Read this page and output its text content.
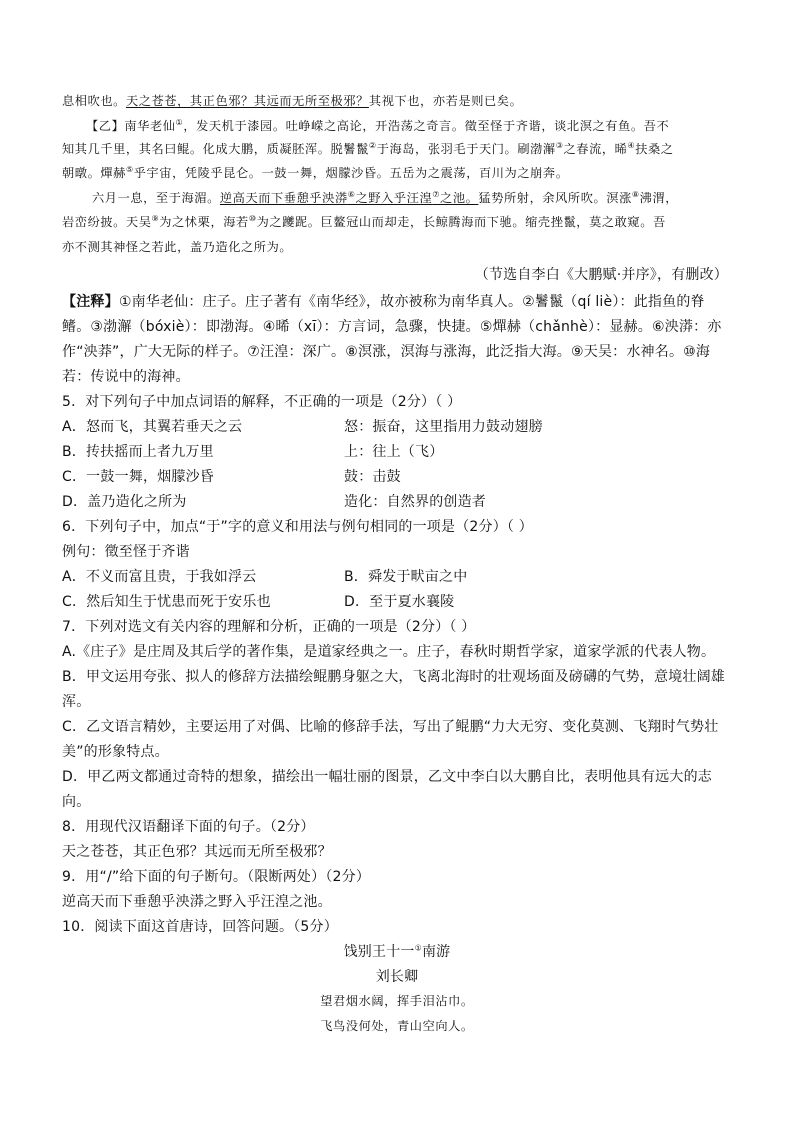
息相吹也。天之苍苍，其正色邪？其远而无所至极邪？其视下也，亦若是则已矣。
【乙】南华老仙①，发天机于漆园。吐峥嵘之高论，开浩荡之奇言。徵至怪于齐谐，谈北溟之有鱼。吾不
知其几千里，其名曰鲲。化成大鹏，质凝胚浑。脱鬐鬣②于海岛，张羽毛于天门。刷渤澥③之春流，晞④扶桑之
朝暾。燀赫⑤乎宇宙，凭陵乎昆仑。一鼓一舞，烟朦沙昏。五岳为之震荡，百川为之崩奔。
六月一息，至于海湄。逆高天而下垂憩乎泱漭⑥之野入乎汪湟⑦之池。猛势所射，余风所吹。溟涨⑧沸渭，
岩峦纷披。天吴⑨为之怵栗，海若⑩为之躨跜。巨鳌冠山而却走，长鲸腾海而下驰。缩壳挫鬣，莫之敢窥。吾
亦不测其神怪之若此，盖乃造化之所为。
（节选自李白《大鹏赋·并序》，有删改）
【注释】①南华老仙：庄子。庄子著有《南华经》，故亦被称为南华真人。②鬐鬣（qí liè）：此指鱼的脊
鳍。③渤澥（bóxiè）：即渤海。④晞（xī）：方言词，急骤，快捷。⑤燀赫（chǎnhè）：显赫。⑥泱漭：亦
作“泱莽”，广大无际的样子。⑦汪湟：深广。⑧溟涨，溟海与涨海，此泛指大海。⑨天吴：水神名。⑩海
若：传说中的海神。
5．对下列句子中加点词语的解释，不正确的一项是（2分）（ ）
A．怒而飞，其翼若垂天之云	怒：振奋，这里指用力鼓动翅膀
B．抟扶摇而上者九万里	上：往上（飞）
C．一鼓一舞，烟朦沙昏	鼓：击鼓
D．盖乃造化之所为	造化：自然界的创造者
6．下列句子中，加点“于”字的意义和用法与例句相同的一项是（2分）（ ）
例句：徵至怪于齐谐
A．不义而富且贵，于我如浮云	B．舜发于畎亩之中
C．然后知生于忧患而死于安乐也	D．至于夏水襄陵
7．下列对选文有关内容的理解和分析，正确的一项是（2分）（ ）
A.《庄子》是庄周及其后学的著作集，是道家经典之一。庄子，春秋时期哲学家，道家学派的代表人物。
B．甲文运用夸张、拟人的修辞方法描绘鲲鹏身躯之大，飞离北海时的壮观场面及磅礴的气势，意境壮阔雄
浑。
C．乙文语言精妙，主要运用了对偶、比喻的修辞手法，写出了鲲鹏“力大无穷、变化莫测、飞翔时气势壮
美”的形象特点。
D．甲乙两文都通过奇特的想象，描绘出一幅壮丽的图景，乙文中李白以大鹏自比，表明他具有远大的志
向。
8．用现代汉语翻译下面的句子。（2分）
天之苍苍，其正色邪？其远而无所至极邪？
9．用“/”给下面的句子断句。（限断两处）（2分）
逆高天而下垂憩乎泱漭之野入乎汪湟之池。
10．阅读下面这首唐诗，回答问题。（5分）
饯别王十一①南游
刘长卿
望君烟水阔，挥手泪沾巾。
飞鸟没何处，青山空向人。
